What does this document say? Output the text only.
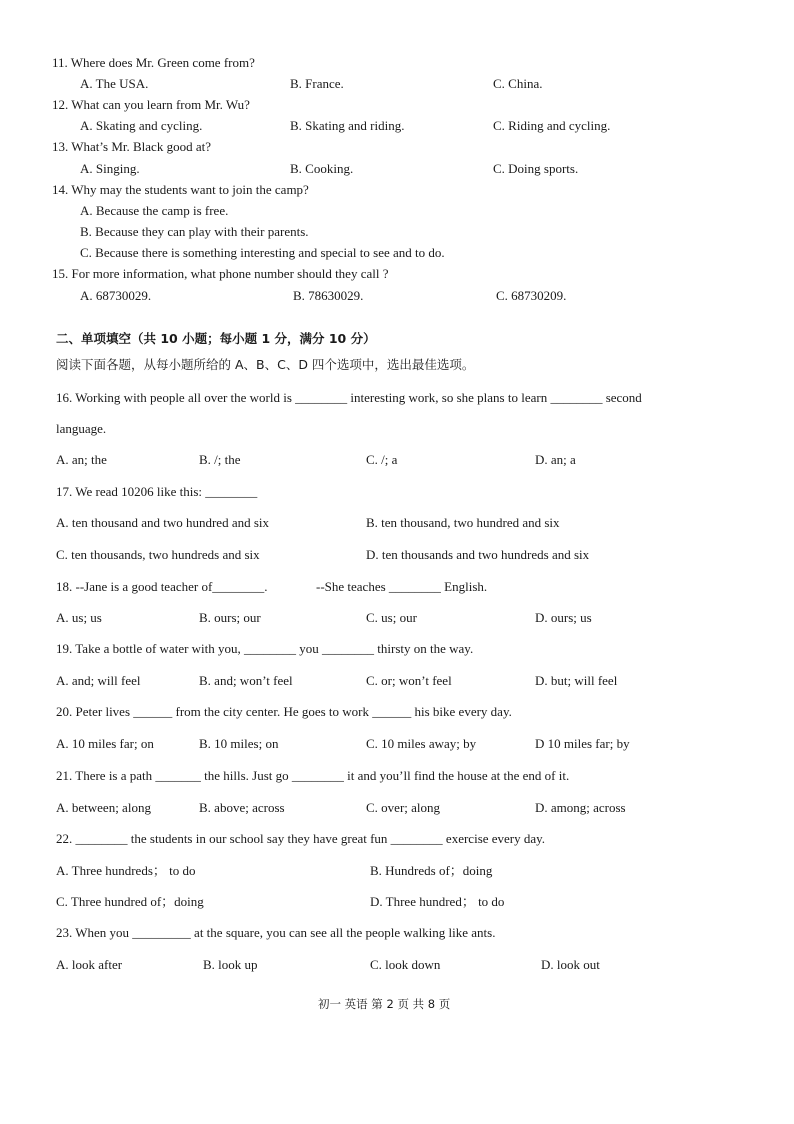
11. Where does Mr. Green come from?
A. The USA.	B. France.	C. China.
12. What can you learn from Mr. Wu?
A. Skating and cycling.	B. Skating and riding.	C. Riding and cycling.
13. What’s Mr. Black good at?
A. Singing.	B. Cooking.	C. Doing sports.
14. Why may the students want to join the camp?
A. Because the camp is free.
B. Because they can play with their parents.
C. Because there is something interesting and special to see and to do.
15. For more information, what phone number should they call ?
A. 68730029.	B. 78630029.	C. 68730209.
二、单项填空（共 10 小题；每小题 1 分，满分 10 分）
阅读下面各题，从每小题所给的 A、B、C、D 四个选项中，选出最佳选项。
16. Working with people all over the world is ________ interesting work, so she plans to learn ________ second
language.
A. an; the	B. /; the	C. /; a	D. an; a
17. We read 10206 like this: ________
A. ten thousand and two hundred and six	B. ten thousand, two hundred and six
C. ten thousands, two hundreds and six	D. ten thousands and two hundreds and six
18. --Jane is a good teacher of________.	--She teaches ________ English.
A. us; us	B. ours; our	C. us; our	D. ours; us
19. Take a bottle of water with you, ________ you ________ thirsty on the way.
A. and; will feel	B. and; won’t feel	C. or; won’t feel	D. but; will feel
20. Peter lives ______ from the city center. He goes to work ______ his bike every day.
A. 10 miles far; on	B. 10 miles; on	C. 10 miles away; by	D 10 miles far; by
21. There is a path _______ the hills. Just go ________ it and you’ll find the house at the end of it.
A. between; along	B. above; across	C. over; along	D. among; across
22. ________ the students in our school say they have great fun ________ exercise every day.
A. Three hundreds； to do	B. Hundreds of；doing
C. Three hundred of；doing	D. Three hundred； to do
23. When you _________ at the square, you can see all the people walking like ants.
A. look after	B. look up	C. look down	D. look out
初一 英语 第 2 页 共 8 页
